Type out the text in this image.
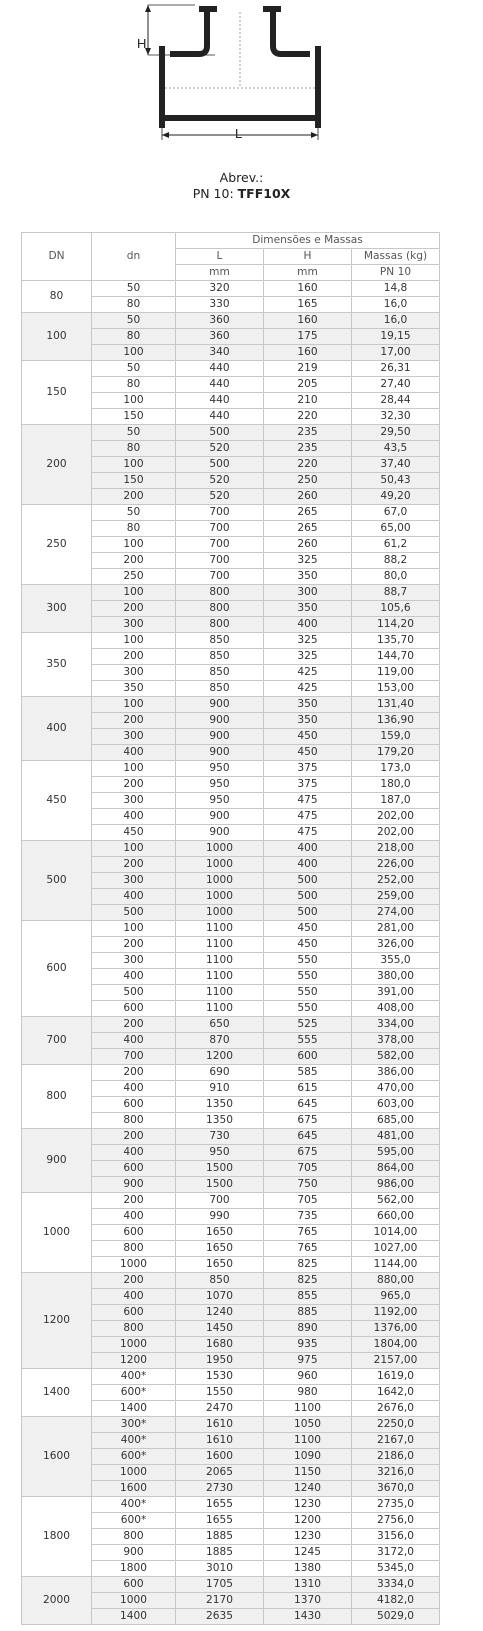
H
L
Abrev.:
PN 10: TFF10X
DN	dn	Dimensões e Massas		
		L	H	Massas (kg)
		mm	mm	PN 10
80	50	320	160	14,8
	80	330	165	16,0
100	50	360	160	16,0
	80	360	175	19,15
	100	340	160	17,00
150	50	440	219	26,31
	80	440	205	27,40
	100	440	210	28,44
	150	440	220	32,30
200	50	500	235	29,50
	80	520	235	43,5
	100	500	220	37,40
	150	520	250	50,43
	200	520	260	49,20
250	50	700	265	67,0
	80	700	265	65,00
	100	700	260	61,2
	200	700	325	88,2
	250	700	350	80,0
300	100	800	300	88,7
	200	800	350	105,6
	300	800	400	114,20
350	100	850	325	135,70
	200	850	325	144,70
	300	850	425	119,00
	350	850	425	153,00
400	100	900	350	131,40
	200	900	350	136,90
	300	900	450	159,0
	400	900	450	179,20
450	100	950	375	173,0
	200	950	375	180,0
	300	950	475	187,0
	400	900	475	202,00
	450	900	475	202,00
500	100	1000	400	218,00
	200	1000	400	226,00
	300	1000	500	252,00
	400	1000	500	259,00
	500	1000	500	274,00
600	100	1100	450	281,00
	200	1100	450	326,00
	300	1100	550	355,0
	400	1100	550	380,00
	500	1100	550	391,00
	600	1100	550	408,00
700	200	650	525	334,00
	400	870	555	378,00
	700	1200	600	582,00
800	200	690	585	386,00
	400	910	615	470,00
	600	1350	645	603,00
	800	1350	675	685,00
900	200	730	645	481,00
	400	950	675	595,00
	600	1500	705	864,00
	900	1500	750	986,00
1000	200	700	705	562,00
	400	990	735	660,00
	600	1650	765	1014,00
	800	1650	765	1027,00
	1000	1650	825	1144,00
1200	200	850	825	880,00
	400	1070	855	965,0
	600	1240	885	1192,00
	800	1450	890	1376,00
	1000	1680	935	1804,00
	1200	1950	975	2157,00
1400	400*	1530	960	1619,0
	600*	1550	980	1642,0
	1400	2470	1100	2676,0
1600	300*	1610	1050	2250,0
	400*	1610	1100	2167,0
	600*	1600	1090	2186,0
	1000	2065	1150	3216,0
	1600	2730	1240	3670,0
1800	400*	1655	1230	2735,0
	600*	1655	1200	2756,0
	800	1885	1230	3156,0
	900	1885	1245	3172,0
	1800	3010	1380	5345,0
2000	600	1705	1310	3334,0
	1000	2170	1370	4182,0
	1400	2635	1430	5029,0
